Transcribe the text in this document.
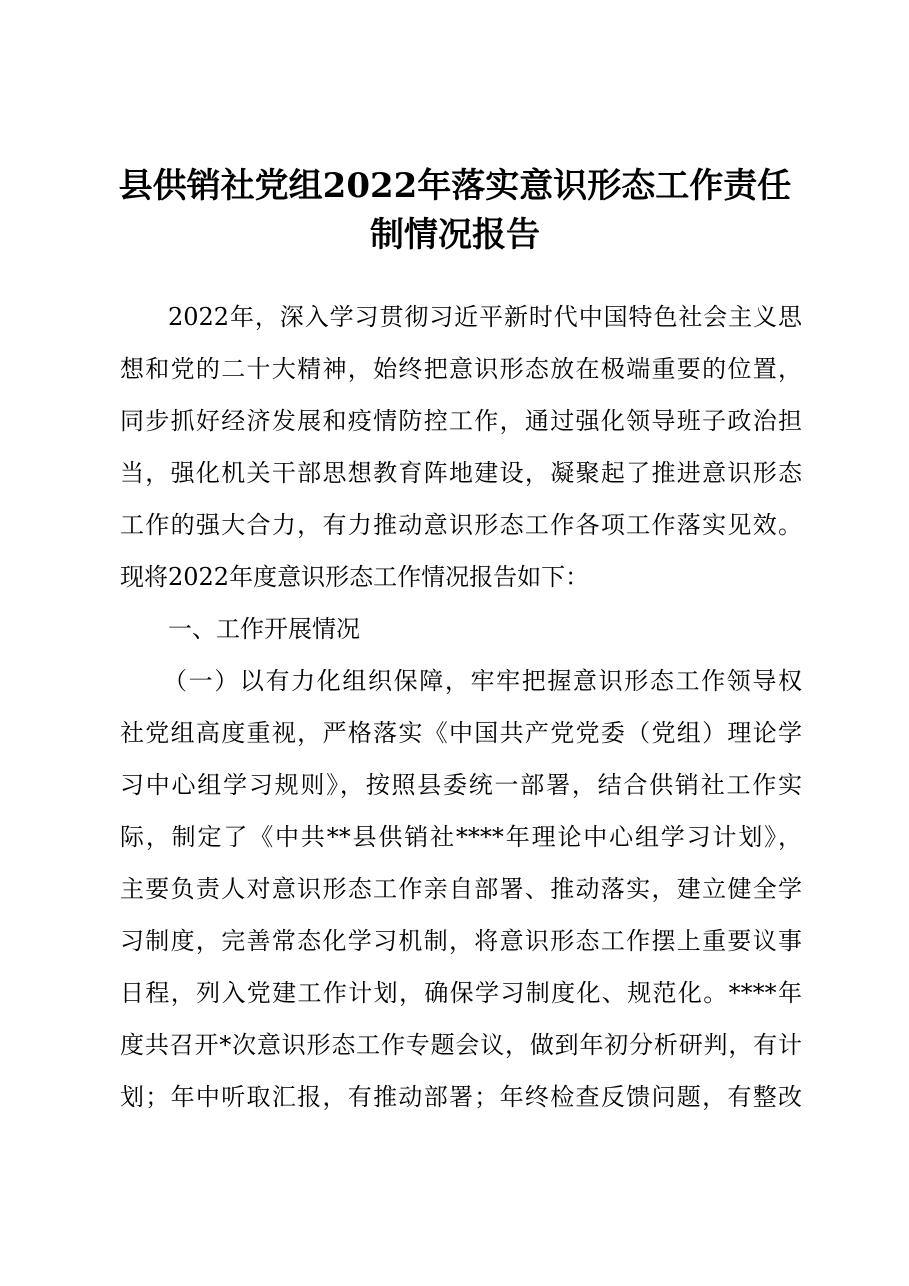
县供销社党组2022年落实意识形态工作责任
制情况报告
2022年，深入学习贯彻习近平新时代中国特色社会主义思
想和党的二十大精神，始终把意识形态放在极端重要的位置，
同步抓好经济发展和疫情防控工作，通过强化领导班子政治担
当，强化机关干部思想教育阵地建设，凝聚起了推进意识形态
工作的强大合力，有力推动意识形态工作各项工作落实见效。
现将2022年度意识形态工作情况报告如下：
一、工作开展情况
（一）以有力化组织保障，牢牢把握意识形态工作领导权
社党组高度重视，严格落实《中国共产党党委（党组）理论学
习中心组学习规则》，按照县委统一部署，结合供销社工作实
际，制定了《中共**县供销社****年理论中心组学习计划》，
主要负责人对意识形态工作亲自部署、推动落实，建立健全学
习制度，完善常态化学习机制，将意识形态工作摆上重要议事
日程，列入党建工作计划，确保学习制度化、规范化。****年
度共召开*次意识形态工作专题会议，做到年初分析研判，有计
划；年中听取汇报，有推动部署；年终检查反馈问题，有整改
